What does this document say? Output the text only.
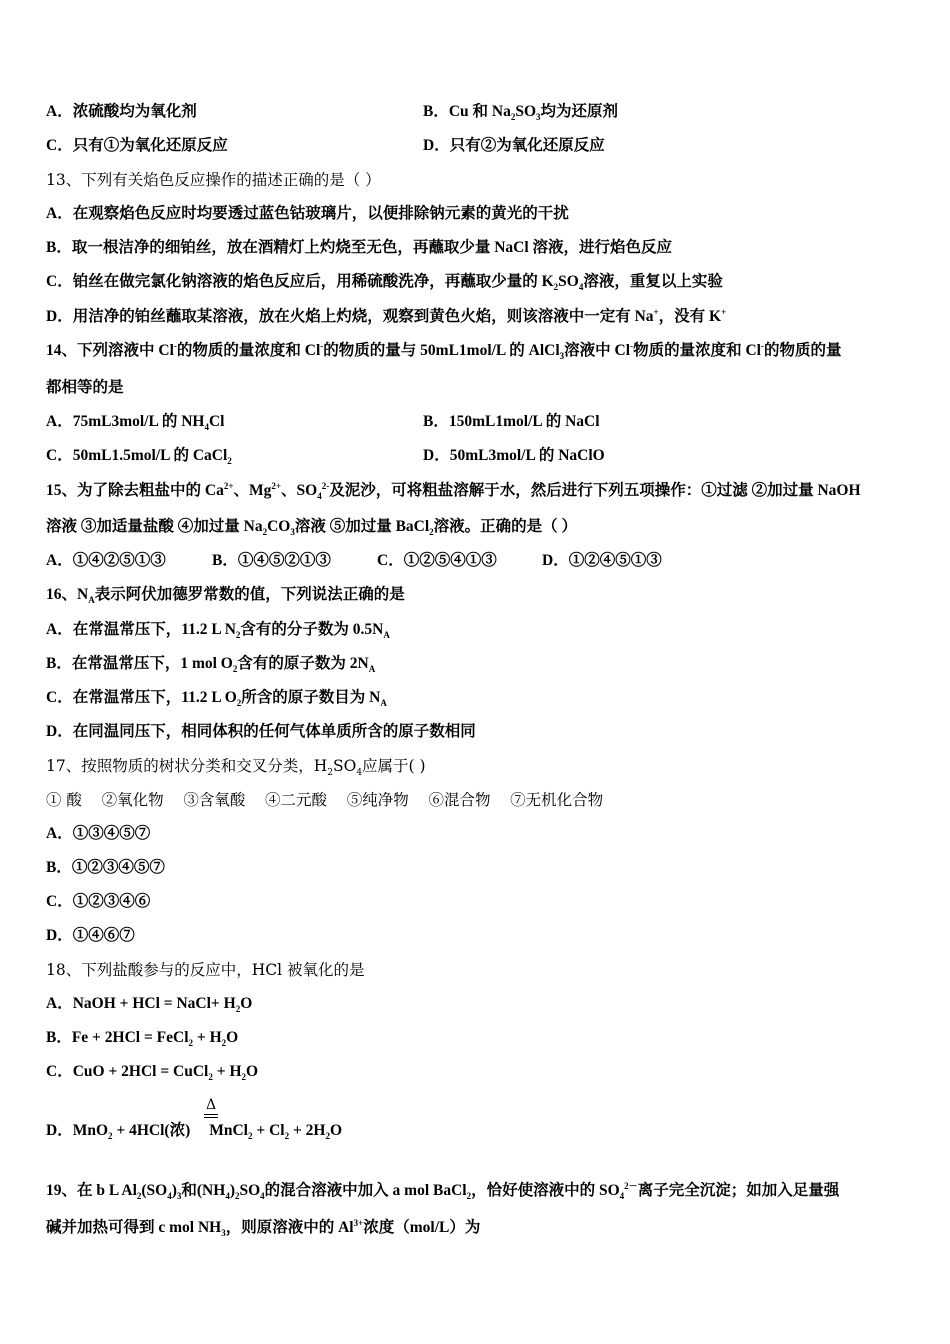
A．浓硫酸均为氧化剂	B．Cu 和 $Na_2SO_3$均为还原剂
C．只有①为氧化还原反应	D．只有②为氧化还原反应
13、下列有关焰色反应操作的描述正确的是（ ）
A．在观察焰色反应时均要透过蓝色钴玻璃片，以便排除钠元素的黄光的干扰
B．取一根洁净的细铂丝，放在酒精灯上灼烧至无色，再蘸取少量 NaCl 溶液，进行焰色反应
C．铂丝在做完氯化钠溶液的焰色反应后，用稀硫酸洗净，再蘸取少量的 $K_2SO_4$溶液，重复以上实验
D．用洁净的铂丝蘸取某溶液，放在火焰上灼烧，观察到黄色火焰，则该溶液中一定有 Na+，没有 K+
14、下列溶液中 Cl-的物质的量浓度和 Cl-的物质的量与 50mL1mol/L 的 AlCl$_3$溶液中 Cl-物质的量浓度和 Cl-的物质的量
都相等的是
A．75mL3mol/L 的 $NH_4Cl$	B．150mL1mol/L 的 NaCl
C．50mL1.5mol/L 的 CaCl$_2$	D．50mL3mol/L 的 NaClO
15、为了除去粗盐中的 $Ca^{2+}$、$Mg^{2+}$、$SO_4^{2-}$及泥沙，可将粗盐溶解于水，然后进行下列五项操作：①过滤 ②加过量 NaOH
溶液 ③加适量盐酸 ④加过量 $Na_2CO_3$溶液 ⑤加过量 BaCl$_2$溶液。正确的是（ ）
A．①④②⑤①③	B．①④⑤②①③	C．①②⑤④①③	D．①②④⑤①③
16、$N_A$表示阿伏加德罗常数的值，下列说法正确的是
A．在常温常压下，11.2 L $N_2$含有的分子数为 $0.5N_A$
B．在常温常压下，1 mol $O_2$含有的原子数为 $2N_A$
C．在常温常压下，11.2 L $O_2$所含的原子数目为 $N_A$
D．在同温同压下，相同体积的任何气体单质所含的原子数相同
17、按照物质的树状分类和交叉分类，$H_2SO_4$应属于( )
① 酸    ②氧化物    ③含氧酸    ④二元酸    ⑤纯净物    ⑥混合物    ⑦无机化合物
A．①③④⑤⑦
B．①②③④⑤⑦
C．①②③④⑥
D．①④⑥⑦
18、下列盐酸参与的反应中，HCl 被氧化的是
A．NaOH + HCl = NaCl+ $H_2O$
B．Fe + 2HCl = FeCl$_2$ + $H_2O$
C．CuO + 2HCl = CuCl$_2$ + $H_2O$
Δ
D．MnO$_2$ + 4HCl(浓) MnCl$_2$ + $Cl_2 + 2H_2O$
19、在 b L $Al_2(SO_4)_3$和$(NH_4)_2SO_4$的混合溶液中加入 a mol BaCl$_2$，恰好使溶液中的 $SO_4^{2-}$离子完全沉淀；如加入足量强
碱并加热可得到 c mol $NH_3$，则原溶液中的 $Al^{3+}$浓度（mol/L）为
